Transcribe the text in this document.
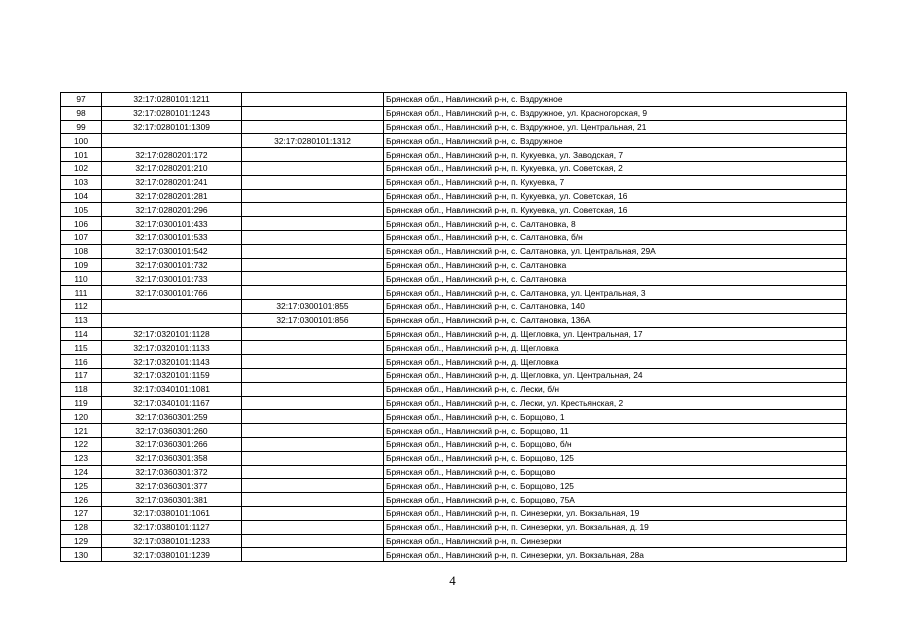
97	32:17:0280101:1211		Брянская обл., Навлинский р-н, с. Вздружное
98	32:17:0280101:1243		Брянская обл., Навлинский р-н, с. Вздружное, ул. Красногорская, 9
99	32:17:0280101:1309		Брянская обл., Навлинский р-н, с. Вздружное, ул. Центральная, 21
100		32:17:0280101:1312	Брянская обл., Навлинский р-н, с. Вздружное
101	32:17:0280201:172		Брянская обл., Навлинский р-н, п. Кукуевка, ул. Заводская, 7
102	32:17:0280201:210		Брянская обл., Навлинский р-н, п. Кукуевка, ул. Советская, 2
103	32:17:0280201:241		Брянская обл., Навлинский р-н, п. Кукуевка, 7
104	32:17:0280201:281		Брянская обл., Навлинский р-н, п. Кукуевка, ул. Советская, 16
105	32:17:0280201:296		Брянская обл., Навлинский р-н, п. Кукуевка, ул. Советская, 16
106	32:17:0300101:433		Брянская обл., Навлинский р-н, с. Салтановка, 8
107	32:17:0300101:533		Брянская обл., Навлинский р-н, с. Салтановка, б/н
108	32:17:0300101:542		Брянская обл., Навлинский р-н, с. Салтановка, ул. Центральная, 29А
109	32:17:0300101:732		Брянская обл., Навлинский р-н, с. Салтановка
110	32:17:0300101:733		Брянская обл., Навлинский р-н, с. Салтановка
111	32:17:0300101:766		Брянская обл., Навлинский р-н, с. Салтановка, ул. Центральная, 3
112		32:17:0300101:855	Брянская обл., Навлинский р-н, с. Салтановка, 140
113		32:17:0300101:856	Брянская обл., Навлинский р-н, с. Салтановка, 136А
114	32:17:0320101:1128		Брянская обл., Навлинский р-н, д. Щегловка, ул. Центральная, 17
115	32:17:0320101:1133		Брянская обл., Навлинский р-н, д. Щегловка
116	32:17:0320101:1143		Брянская обл., Навлинский р-н, д. Щегловка
117	32:17:0320101:1159		Брянская обл., Навлинский р-н, д. Щегловка, ул. Центральная, 24
118	32:17:0340101:1081		Брянская обл., Навлинский р-н, с. Лески, б/н
119	32:17:0340101:1167		Брянская обл., Навлинский р-н, с. Лески, ул. Крестьянская, 2
120	32:17:0360301:259		Брянская обл., Навлинский р-н, с. Борщово, 1
121	32:17:0360301:260		Брянская обл., Навлинский р-н, с. Борщово, 11
122	32:17:0360301:266		Брянская обл., Навлинский р-н, с. Борщово, б/н
123	32:17:0360301:358		Брянская обл., Навлинский р-н, с. Борщово, 125
124	32:17:0360301:372		Брянская обл., Навлинский р-н, с. Борщово
125	32:17:0360301:377		Брянская обл., Навлинский р-н, с. Борщово, 125
126	32:17:0360301:381		Брянская обл., Навлинский р-н, с. Борщово, 75А
127	32:17:0380101:1061		Брянская обл., Навлинский р-н, п. Синезерки, ул. Вокзальная, 19
128	32:17:0380101:1127		Брянская обл., Навлинский р-н, п. Синезерки, ул. Вокзальная, д. 19
129	32:17:0380101:1233		Брянская обл., Навлинский р-н, п. Синезерки
130	32:17:0380101:1239		Брянская обл., Навлинский р-н, п. Синезерки, ул. Вокзальная, 28а
4
